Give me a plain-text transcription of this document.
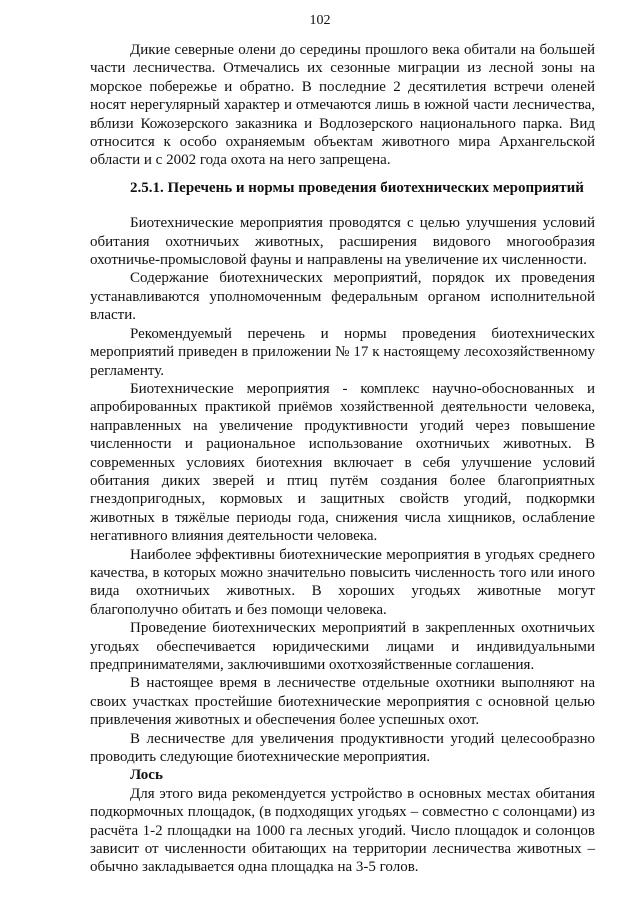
102

Дикие северные олени до середины прошлого века обитали на большей части лесничества. Отмечались их сезонные миграции из лесной зоны на морское побережье и обратно. В последние 2 десятилетия встречи оленей носят нерегулярный характер и отмечаются лишь в южной части лесничества, вблизи Кожозерского заказника и Водлозерского национального парка. Вид относится к особо охраняемым объектам животного мира Архангельской области и с 2002 года охота на него запрещена.

2.5.1. Перечень и нормы проведения биотехнических мероприятий

Биотехнические мероприятия проводятся с целью улучшения условий обитания охотничьих животных, расширения видового многообразия охотничье-промысловой фауны и направлены на увеличение их численности.

Содержание биотехнических мероприятий, порядок их проведения устанавливаются уполномоченным федеральным органом исполнительной власти.

Рекомендуемый перечень и нормы проведения биотехнических мероприятий приведен в приложении № 17 к настоящему лесохозяйственному регламенту.

Биотехнические мероприятия - комплекс научно-обоснованных и апробированных практикой приёмов хозяйственной деятельности человека, направленных на увеличение продуктивности угодий через повышение численности и рациональное использование охотничьих животных. В современных условиях биотехния включает в себя улучшение условий обитания диких зверей и птиц путём создания более благоприятных гнездопригодных, кормовых и защитных свойств угодий, подкормки животных в тяжёлые периоды года, снижения числа хищников, ослабление негативного влияния деятельности человека.

Наиболее эффективны биотехнические мероприятия в угодьях среднего качества, в которых можно значительно повысить численность того или иного вида охотничьих животных. В хороших угодьях животные могут благополучно обитать и без помощи человека.

Проведение биотехнических мероприятий в закрепленных охотничьих угодьях обеспечивается юридическими лицами и индивидуальными предпринимателями, заключившими охотхозяйственные соглашения.

В настоящее время в лесничестве отдельные охотники выполняют на своих участках простейшие биотехнические мероприятия с основной целью привлечения животных и обеспечения более успешных охот.

В лесничестве для увеличения продуктивности угодий целесообразно проводить следующие биотехнические мероприятия.

Лось

Для этого вида рекомендуется устройство в основных местах обитания подкормочных площадок, (в подходящих угодьях – совместно с солонцами) из расчёта 1-2 площадки на 1000 га лесных угодий. Число площадок и солонцов зависит от численности обитающих на территории лесничества животных – обычно закладывается одна площадка на 3-5 голов.
